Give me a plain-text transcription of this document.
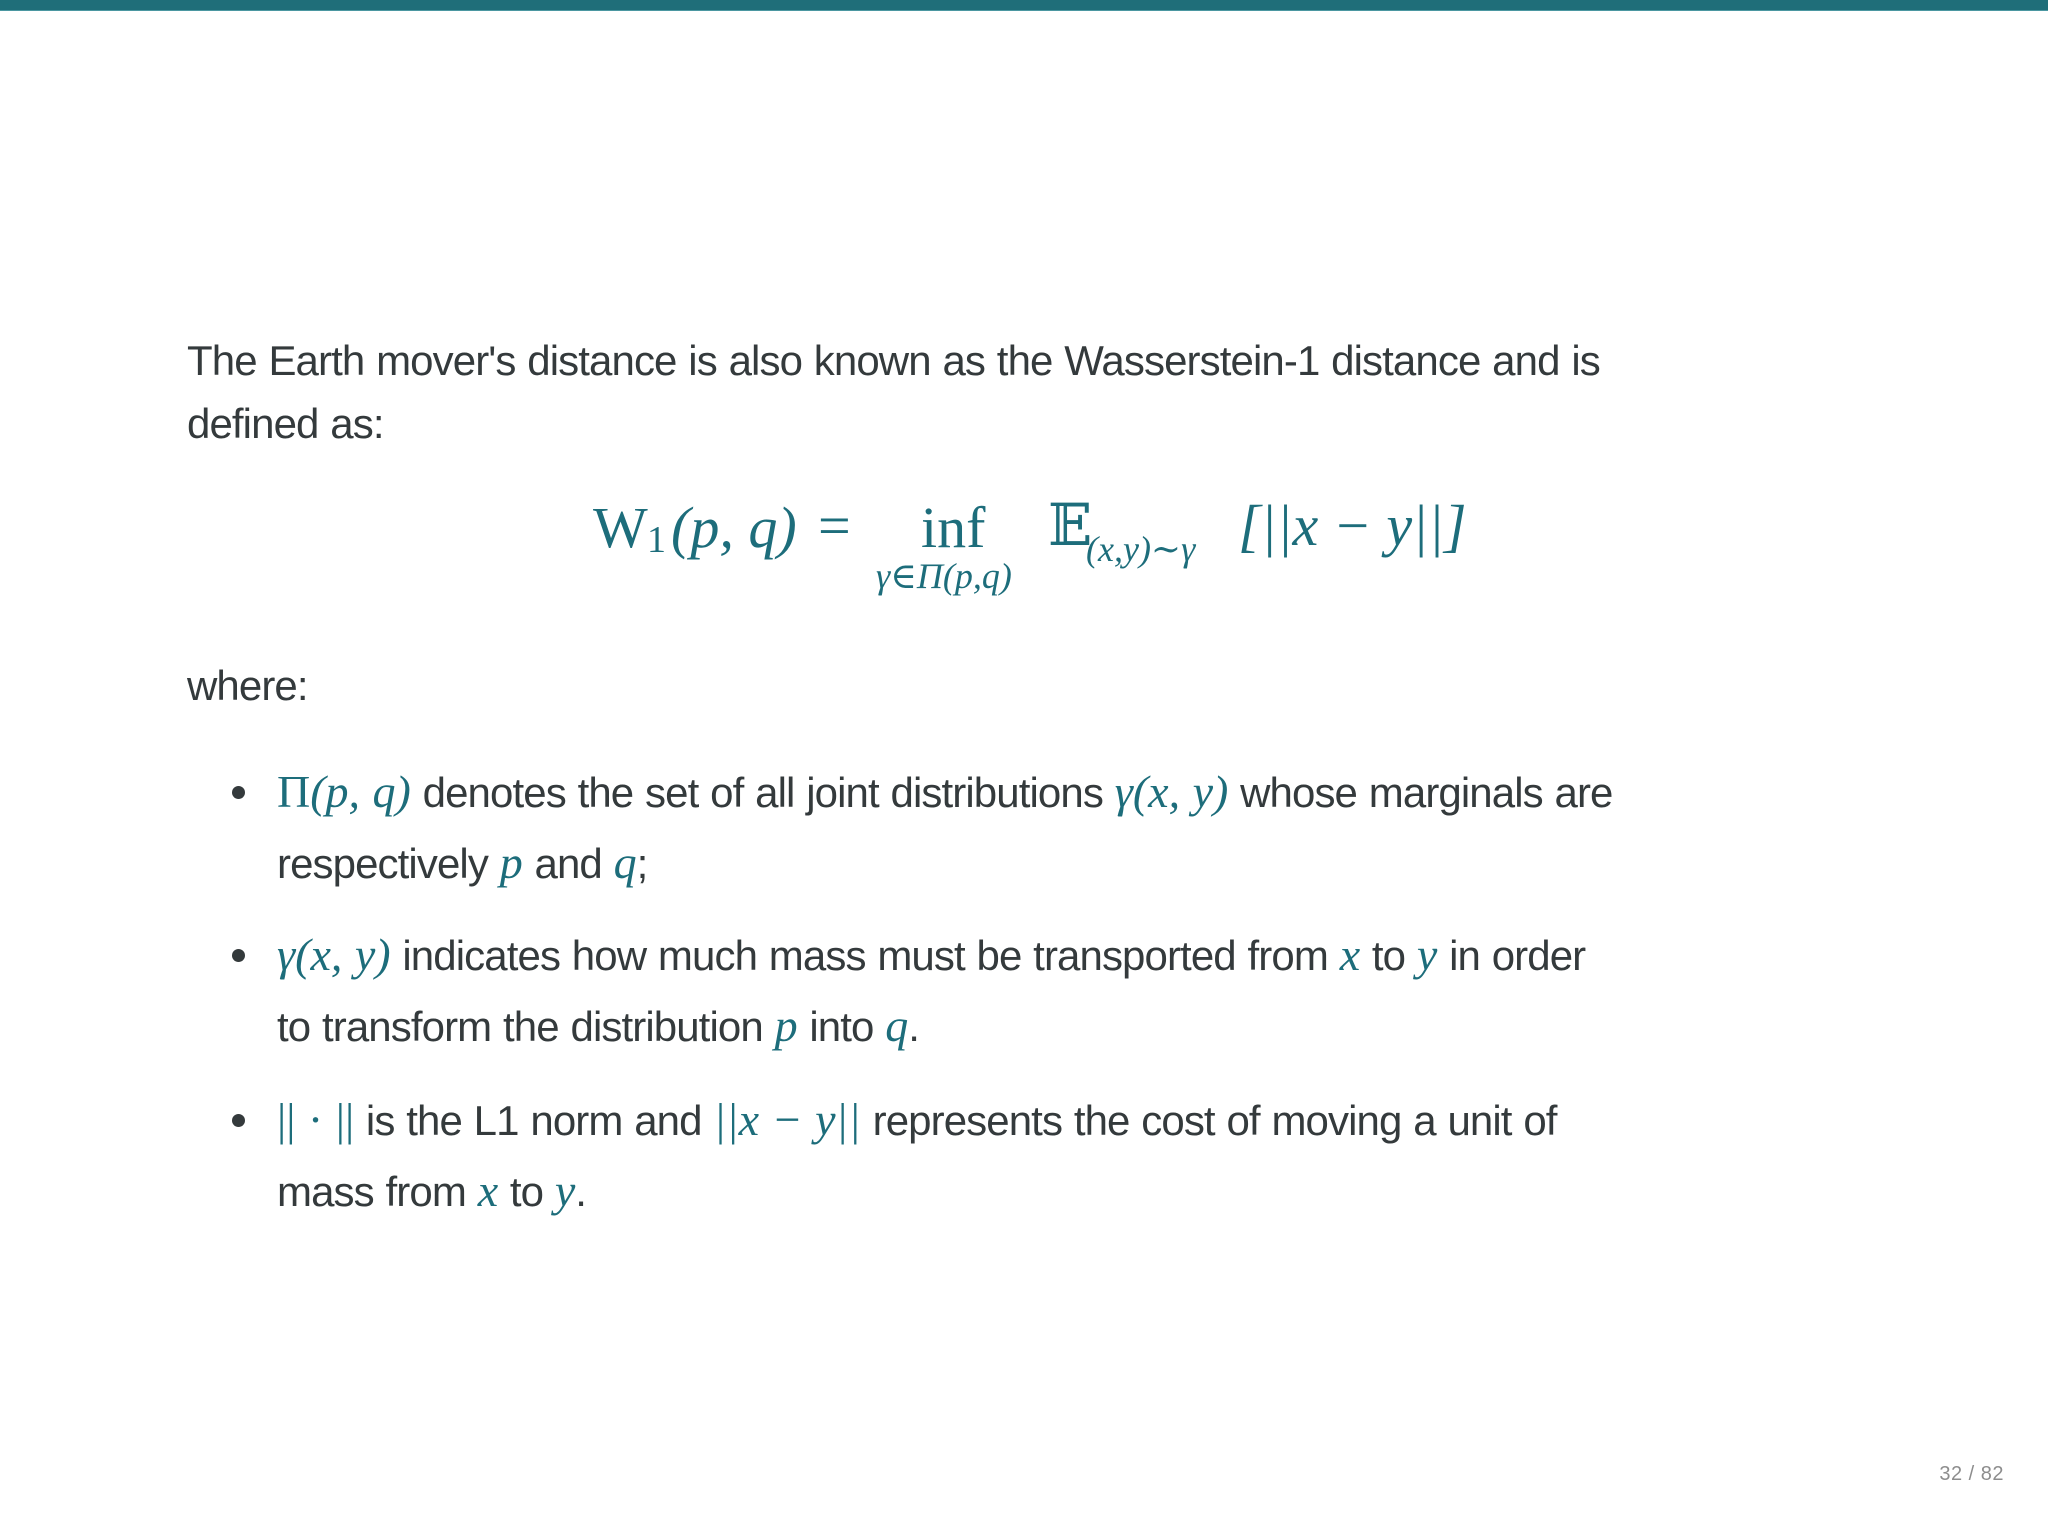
The Earth mover's distance is also known as the Wasserstein-1 distance and is
defined as:
W 1 (p, q) = inf
γ∈Π(p,q)
𝔼
(x,y)∼γ [||x − y||]
where:
Π(p, q) denotes the set of all joint distributions γ(x, y) whose marginals are
respectively p and q;
γ(x, y) indicates how much mass must be transported from x to y in order
to transform the distribution p into q.
|| · || is the L1 norm and ||x − y|| represents the cost of moving a unit of
mass from x to y.
32 / 82
